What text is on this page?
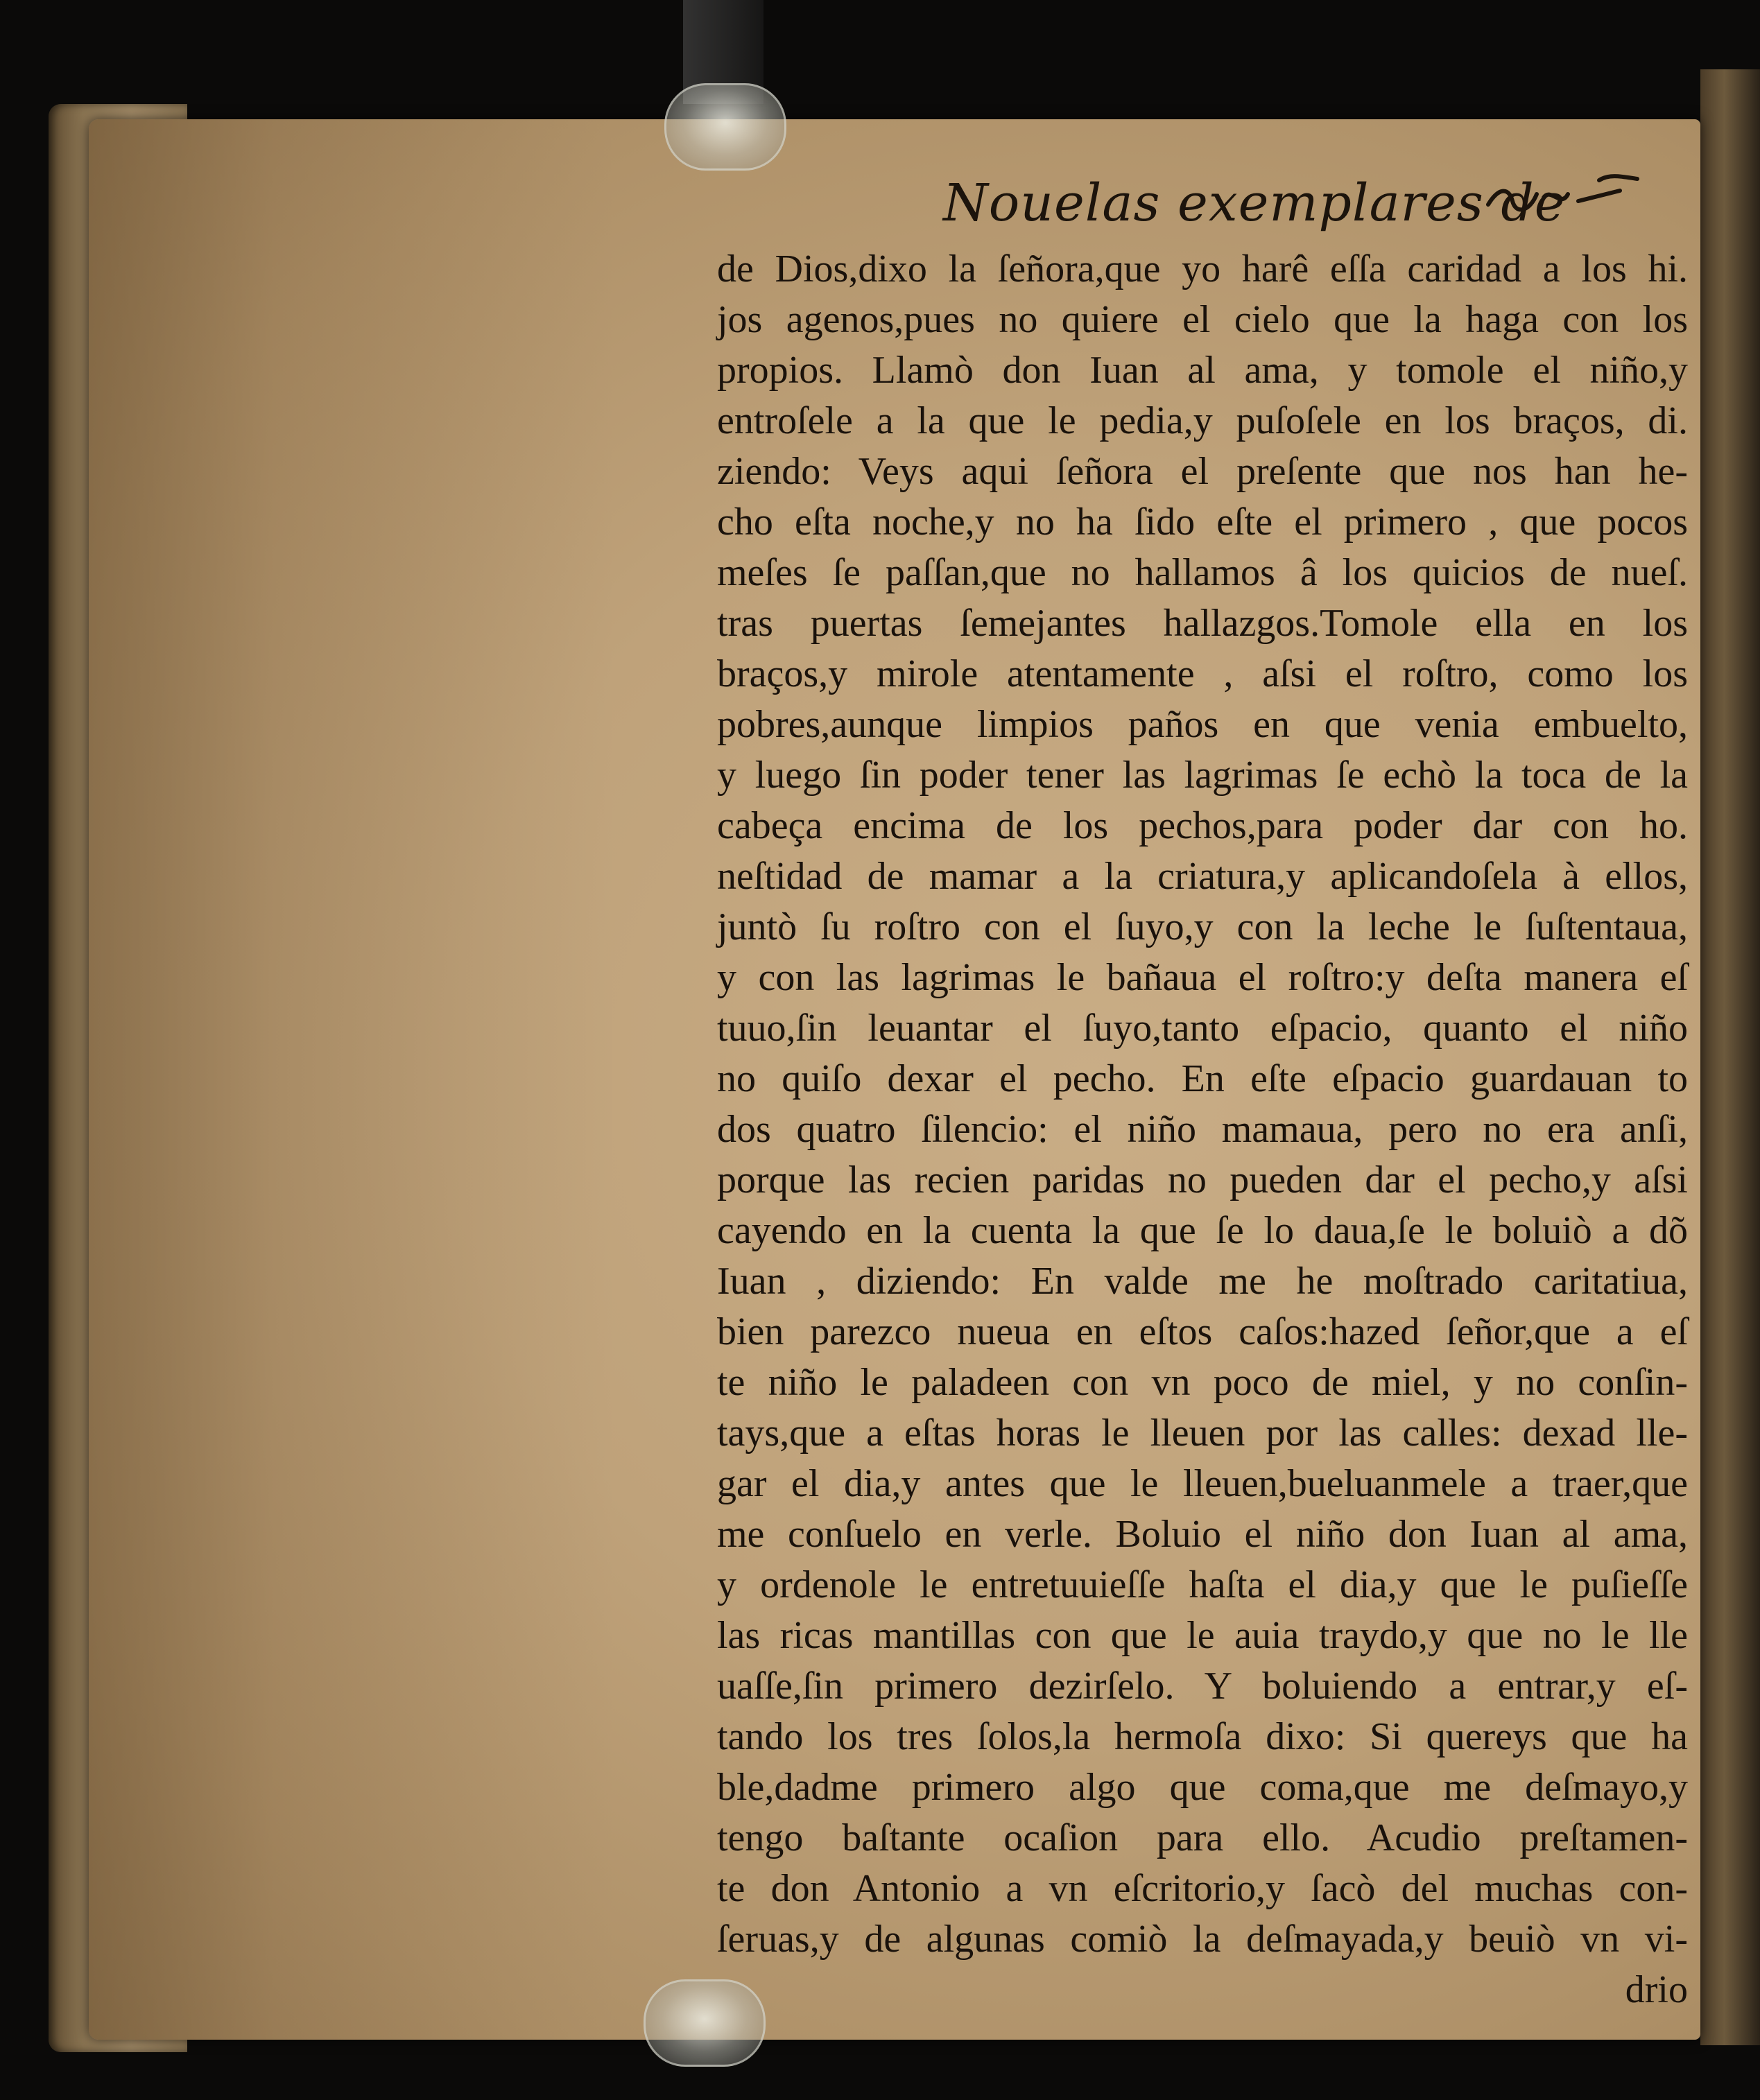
Nouelas exemplares de
de Dios,dixo la ſeñora,que yo harê eſſa caridad a los hi.
jos agenos,pues no quiere el cielo que la haga con los
propios. Llamò don Iuan al ama, y tomole el niño,y
entroſele a la que le pedia,y puſoſele en los braços, di.
ziendo: Veys aqui ſeñora el preſente que nos han he-
cho eſta noche,y no ha ſido eſte el primero , que pocos
meſes ſe paſſan,que no hallamos â los quicios de nueſ.
tras puertas ſemejantes hallazgos.Tomole ella en los
braços,y mirole atentamente , aſsi el roſtro, como los
pobres,aunque limpios paños en que venia embuelto,
y luego ſin poder tener las lagrimas ſe echò la toca de la
cabeça encima de los pechos,para poder dar con ho.
neſtidad de mamar a la criatura,y aplicandoſela à ellos,
juntò ſu roſtro con el ſuyo,y con la leche le ſuſtentaua,
y con las lagrimas le bañaua el roſtro:y deſta manera eſ
tuuo,ſin leuantar el ſuyo,tanto eſpacio, quanto el niño
no quiſo dexar el pecho. En eſte eſpacio guardauan to
dos quatro ſilencio: el niño mamaua, pero no era anſi,
porque las recien paridas no pueden dar el pecho,y aſsi
cayendo en la cuenta la que ſe lo daua,ſe le boluiò a dõ
Iuan , diziendo: En valde me he moſtrado caritatiua,
bien parezco nueua en eſtos caſos:hazed ſeñor,que a eſ
te niño le paladeen con vn poco de miel, y no conſin-
tays,que a eſtas horas le lleuen por las calles: dexad lle-
gar el dia,y antes que le lleuen,bueluanmele a traer,que
me conſuelo en verle. Boluio el niño don Iuan al ama,
y ordenole le entretuuieſſe haſta el dia,y que le puſieſſe
las ricas mantillas con que le auia traydo,y que no le lle
uaſſe,ſin primero dezirſelo. Y boluiendo a entrar,y eſ-
tando los tres ſolos,la hermoſa dixo: Si quereys que ha
ble,dadme primero algo que coma,que me deſmayo,y
tengo baſtante ocaſion para ello. Acudio preſtamen-
te don Antonio a vn eſcritorio,y ſacò del muchas con-
ſeruas,y de algunas comiò la deſmayada,y beuiò vn vi-
drio
